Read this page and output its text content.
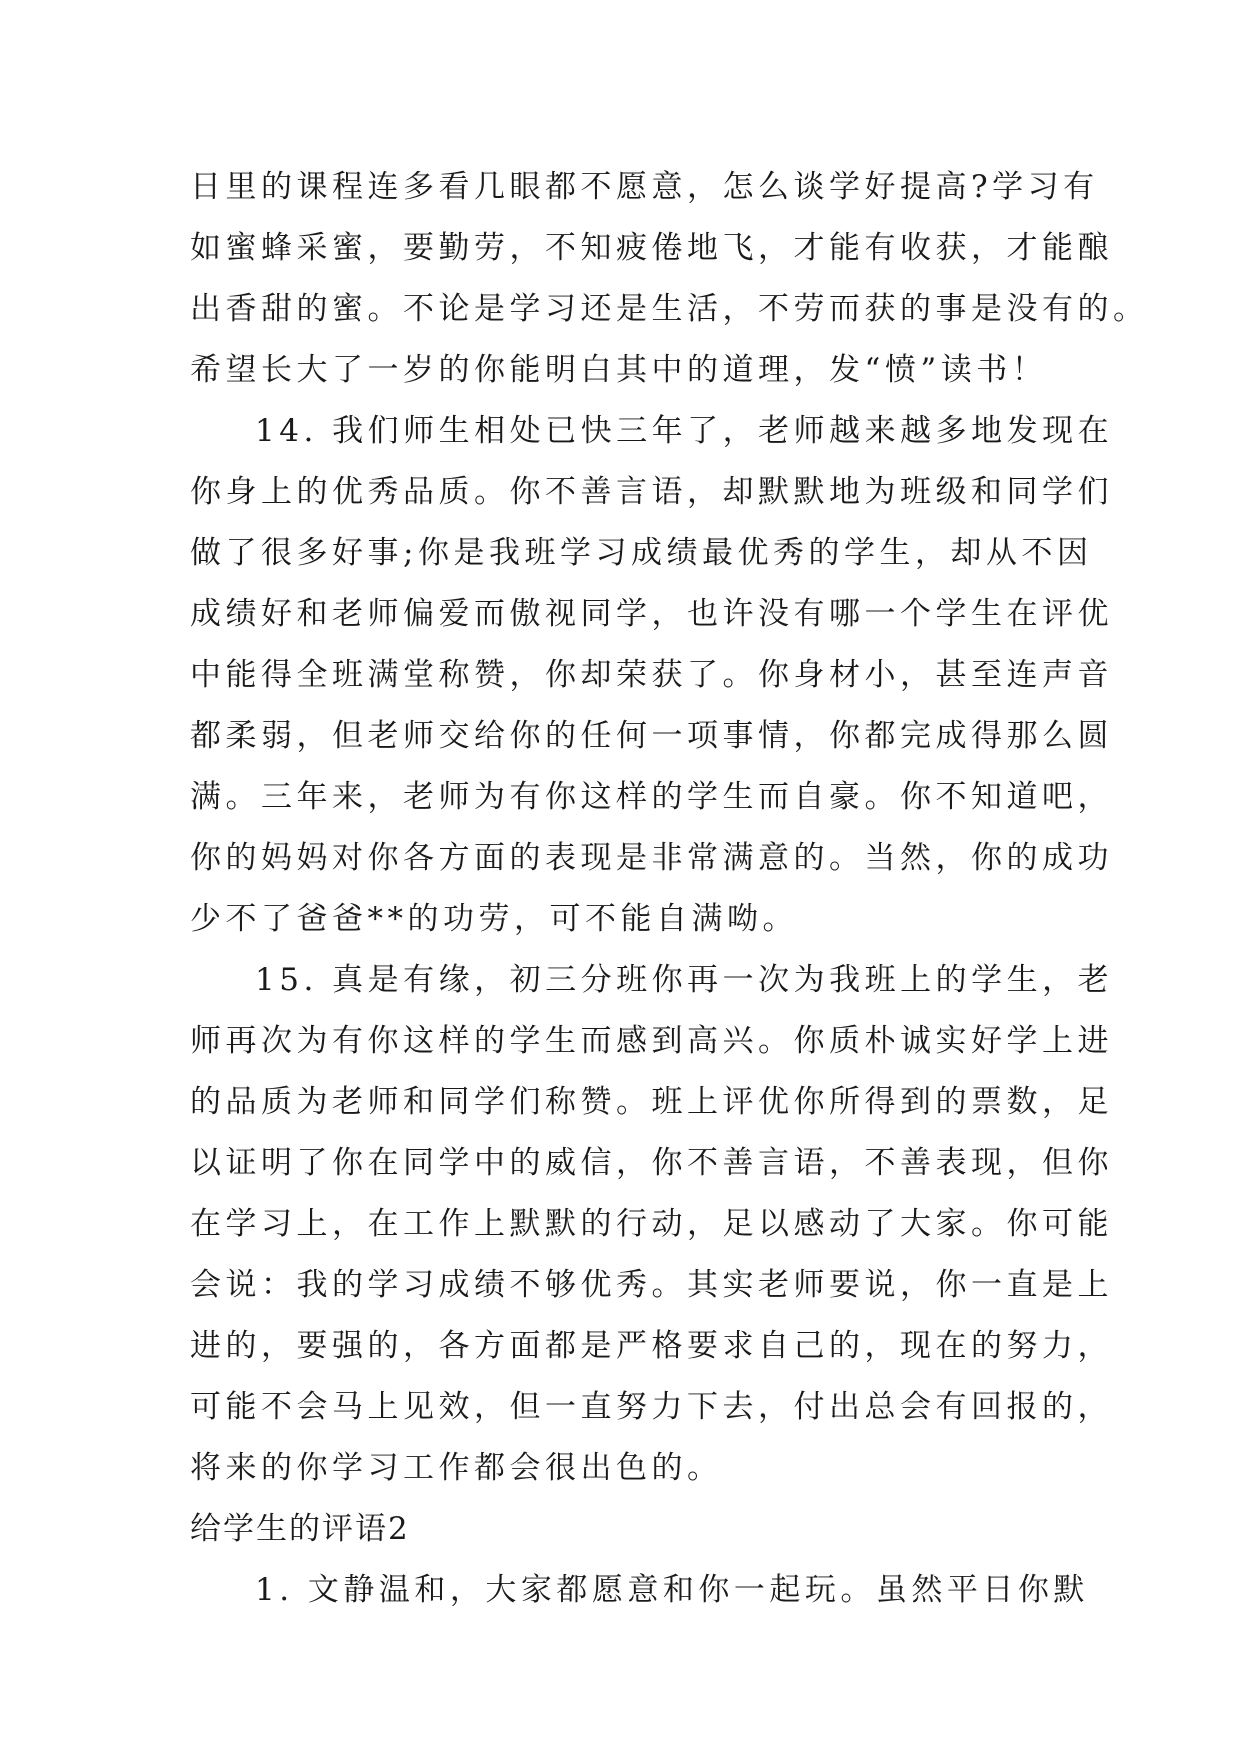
日里的课程连多看几眼都不愿意，怎么谈学好提高?学习有
如蜜蜂采蜜，要勤劳，不知疲倦地飞，才能有收获，才能酿
出香甜的蜜。不论是学习还是生活，不劳而获的事是没有的。
希望长大了一岁的你能明白其中的道理，发“愤”读书！
14. 我们师生相处已快三年了，老师越来越多地发现在
你身上的优秀品质。你不善言语，却默默地为班级和同学们
做了很多好事;你是我班学习成绩最优秀的学生，却从不因
成绩好和老师偏爱而傲视同学，也许没有哪一个学生在评优
中能得全班满堂称赞，你却荣获了。你身材小，甚至连声音
都柔弱，但老师交给你的任何一项事情，你都完成得那么圆
满。三年来，老师为有你这样的学生而自豪。你不知道吧，
你的妈妈对你各方面的表现是非常满意的。当然，你的成功
少不了爸爸**的功劳，可不能自满呦。
15. 真是有缘，初三分班你再一次为我班上的学生，老
师再次为有你这样的学生而感到高兴。你质朴诚实好学上进
的品质为老师和同学们称赞。班上评优你所得到的票数，足
以证明了你在同学中的威信，你不善言语，不善表现，但你
在学习上，在工作上默默的行动，足以感动了大家。你可能
会说：我的学习成绩不够优秀。其实老师要说，你一直是上
进的，要强的，各方面都是严格要求自己的，现在的努力，
可能不会马上见效，但一直努力下去，付出总会有回报的，
将来的你学习工作都会很出色的。
给学生的评语2
1. 文静温和，大家都愿意和你一起玩。虽然平日你默
